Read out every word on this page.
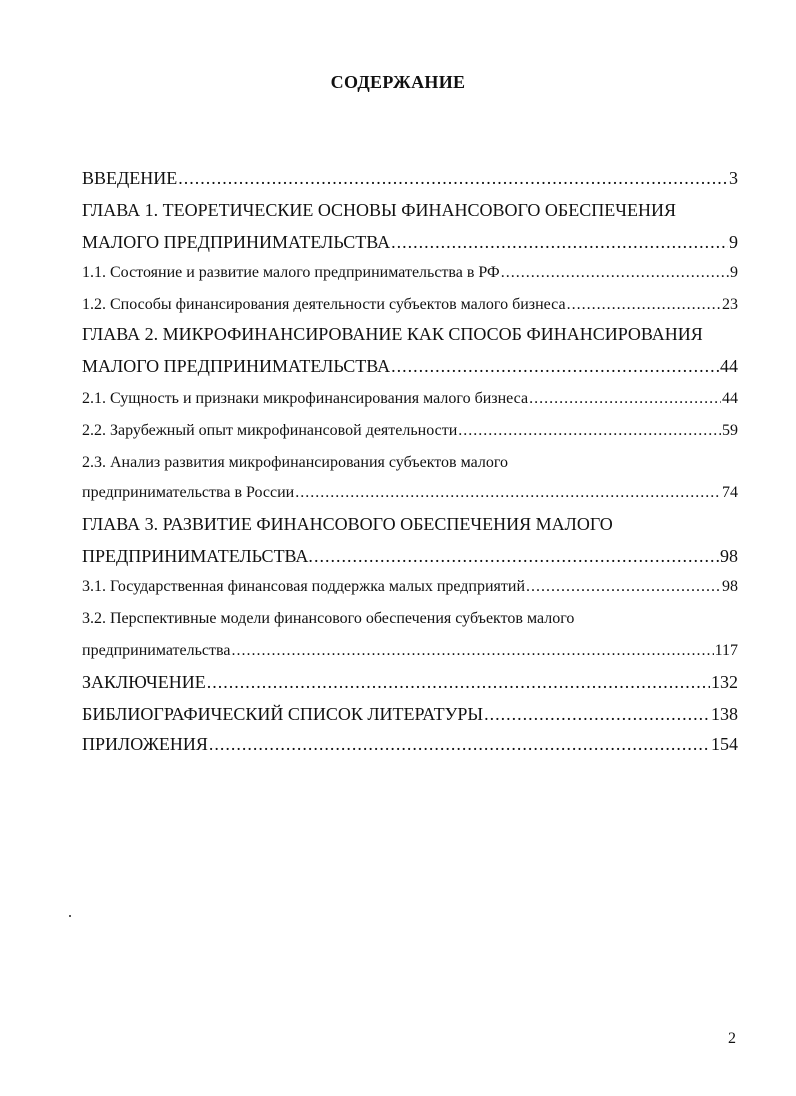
СОДЕРЖАНИЕ
ВВЕДЕНИЕ .....	3
ГЛАВА 1. ТЕОРЕТИЧЕСКИЕ ОСНОВЫ ФИНАНСОВОГО ОБЕСПЕЧЕНИЯ
МАЛОГО ПРЕДПРИНИМАТЕЛЬСТВА .....	9
1.1. Состояние и развитие малого предпринимательства в РФ .....	9
1.2. Способы финансирования деятельности субъектов малого бизнеса .....	23
ГЛАВА 2. МИКРОФИНАНСИРОВАНИЕ КАК СПОСОБ ФИНАНСИРОВАНИЯ
МАЛОГО ПРЕДПРИНИМАТЕЛЬСТВА .....	44
2.1. Сущность и признаки микрофинансирования малого бизнеса .....	44
2.2. Зарубежный опыт микрофинансовой деятельности .....	59
2.3. Анализ развития микрофинансирования субъектов малого
предпринимательства в России .....	74
ГЛАВА 3. РАЗВИТИЕ ФИНАНСОВОГО ОБЕСПЕЧЕНИЯ МАЛОГО
ПРЕДПРИНИМАТЕЛЬСТВА. .....	98
3.1. Государственная финансовая поддержка малых предприятий .....	98
3.2. Перспективные модели финансового обеспечения субъектов малого
предпринимательства .....	117
ЗАКЛЮЧЕНИЕ .....	132
БИБЛИОГРАФИЧЕСКИЙ СПИСОК ЛИТЕРАТУРЫ .....	138
ПРИЛОЖЕНИЯ .....	154
2
